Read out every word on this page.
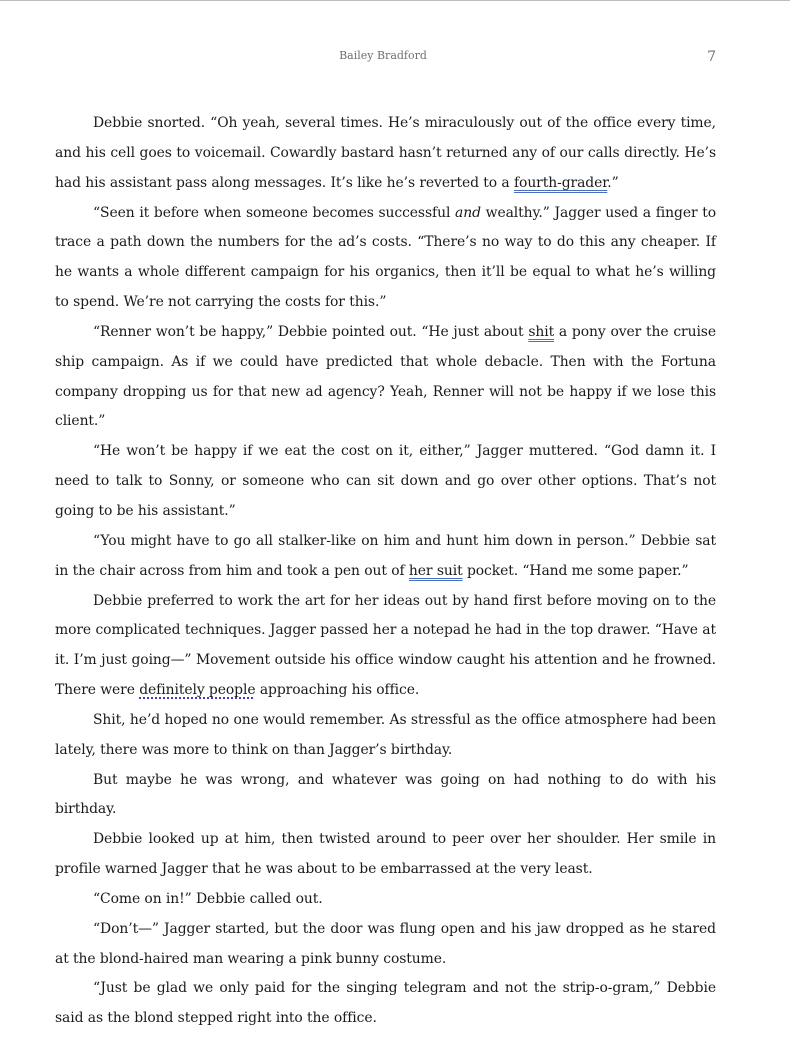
Bailey Bradford	7

Debbie snorted. “Oh yeah, several times. He’s miraculously out of the office every time, and his cell goes to voicemail. Cowardly bastard hasn’t returned any of our calls directly. He’s had his assistant pass along messages. It’s like he’s reverted to a fourth-grader.”

“Seen it before when someone becomes successful and wealthy.” Jagger used a finger to trace a path down the numbers for the ad’s costs. “There’s no way to do this any cheaper. If he wants a whole different campaign for his organics, then it’ll be equal to what he’s willing to spend. We’re not carrying the costs for this.”

“Renner won’t be happy,” Debbie pointed out. “He just about shit a pony over the cruise ship campaign. As if we could have predicted that whole debacle. Then with the Fortuna company dropping us for that new ad agency? Yeah, Renner will not be happy if we lose this client.”

“He won’t be happy if we eat the cost on it, either,” Jagger muttered. “God damn it. I need to talk to Sonny, or someone who can sit down and go over other options. That’s not going to be his assistant.”

“You might have to go all stalker-like on him and hunt him down in person.” Debbie sat in the chair across from him and took a pen out of her suit pocket. “Hand me some paper.”

Debbie preferred to work the art for her ideas out by hand first before moving on to the more complicated techniques. Jagger passed her a notepad he had in the top drawer. “Have at it. I’m just going—” Movement outside his office window caught his attention and he frowned. There were definitely people approaching his office.

Shit, he’d hoped no one would remember. As stressful as the office atmosphere had been lately, there was more to think on than Jagger’s birthday.

But maybe he was wrong, and whatever was going on had nothing to do with his birthday.

Debbie looked up at him, then twisted around to peer over her shoulder. Her smile in profile warned Jagger that he was about to be embarrassed at the very least.

“Come on in!” Debbie called out.

“Don’t—” Jagger started, but the door was flung open and his jaw dropped as he stared at the blond-haired man wearing a pink bunny costume.

“Just be glad we only paid for the singing telegram and not the strip-o-gram,” Debbie said as the blond stepped right into the office.
